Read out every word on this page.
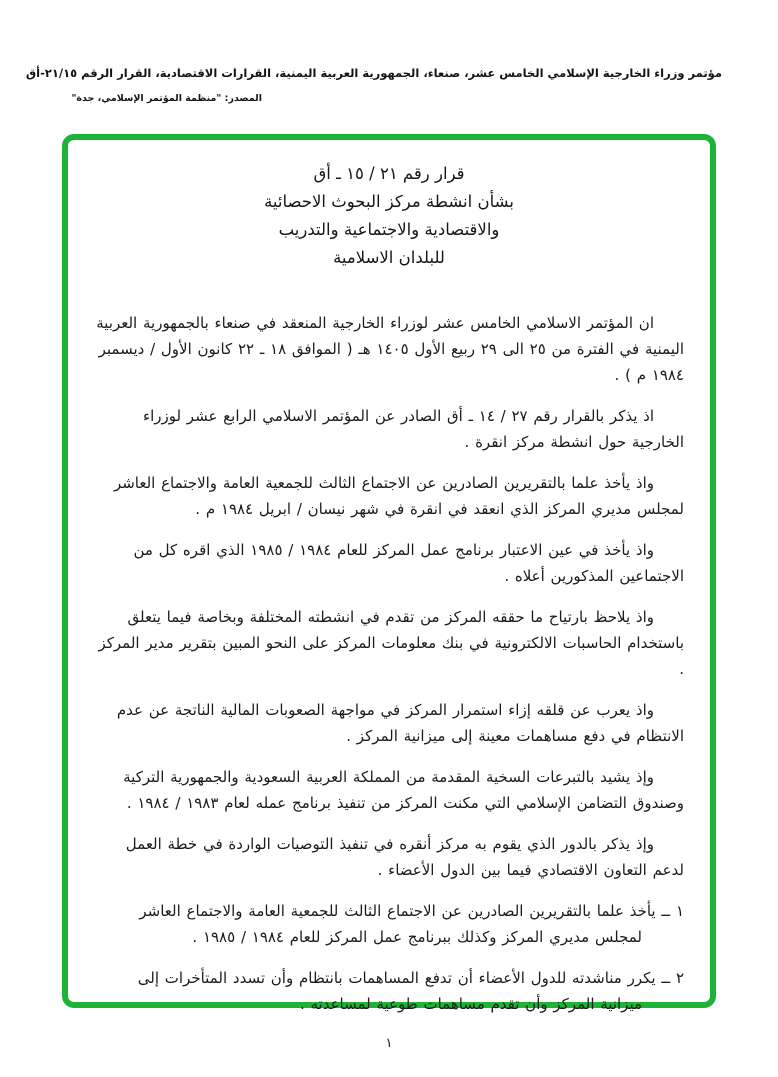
مؤتمر وزراء الخارجية الإسلامي الخامس عشر، صنعاء، الجمهورية العربية اليمنية، القرارات الاقتصادية، القرار الرقم ٢١/١٥-أق
المصدر: "منظمة المؤتمر الإسلامي، جدة"
قرار رقم ٢١ / ١٥ ـ أق
بشأن انشطة مركز البحوث الاحصائية
والاقتصادية والاجتماعية والتدريب
للبلدان الاسلامية

ان المؤتمر الاسلامي الخامس عشر لوزراء الخارجية المنعقد في صنعاء بالجمهورية العربية اليمنية في الفترة من ٢٥ الى ٢٩ ربيع الأول ١٤٠٥ هـ ( الموافق ١٨ ـ ٢٢ كانون الأول / ديسمبر ١٩٨٤ م ) .

اذ يذكر بالقرار رقم ٢٧ / ١٤ ـ أق الصادر عن المؤتمر الاسلامي الرابع عشر لوزراء الخارجية حول انشطة مركز انقرة .

واذ يأخذ علما بالتقريرين الصادرين عن الاجتماع الثالث للجمعية العامة والاجتماع العاشر لمجلس مديري المركز الذي انعقد في انقرة في شهر نيسان / ابريل ١٩٨٤ م .

واذ يأخذ في عين الاعتبار برنامج عمل المركز للعام ١٩٨٤ / ١٩٨٥ الذي اقره كل من الاجتماعين المذكورين أعلاه .

واذ يلاحظ بارتياح ما حققه المركز من تقدم في انشطته المختلفة وبخاصة فيما يتعلق باستخدام الحاسبات الالكترونية في بنك معلومات المركز على النحو المبين بتقرير مدير المركز .

واذ يعرب عن قلقه إزاء استمرار المركز في مواجهة الصعوبات المالية الناتجة عن عدم الانتظام في دفع مساهمات معينة إلى ميزانية المركز .

وإذ يشيد بالتبرعات السخية المقدمة من المملكة العربية السعودية والجمهورية التركية وصندوق التضامن الإسلامي التي مكنت المركز من تنفيذ برنامج عمله لعام ١٩٨٣ / ١٩٨٤ .

وإذ يذكر بالدور الذي يقوم به مركز أنقره في تنفيذ التوصيات الواردة في خطة العمل لدعم التعاون الاقتصادي فيما بين الدول الأعضاء .

١ ــ يأخذ علما بالتقريرين الصادرين عن الاجتماع الثالث للجمعية العامة والاجتماع العاشر لمجلس مديري المركز وكذلك ببرنامج عمل المركز للعام ١٩٨٤ / ١٩٨٥ .

٢ ــ يكرر مناشدته للدول الأعضاء أن تدفع المساهمات بانتظام وأن تسدد المتأخرات إلى ميزانية المركز وأن تقدم مساهمات طوعية لمساعدته .

١
